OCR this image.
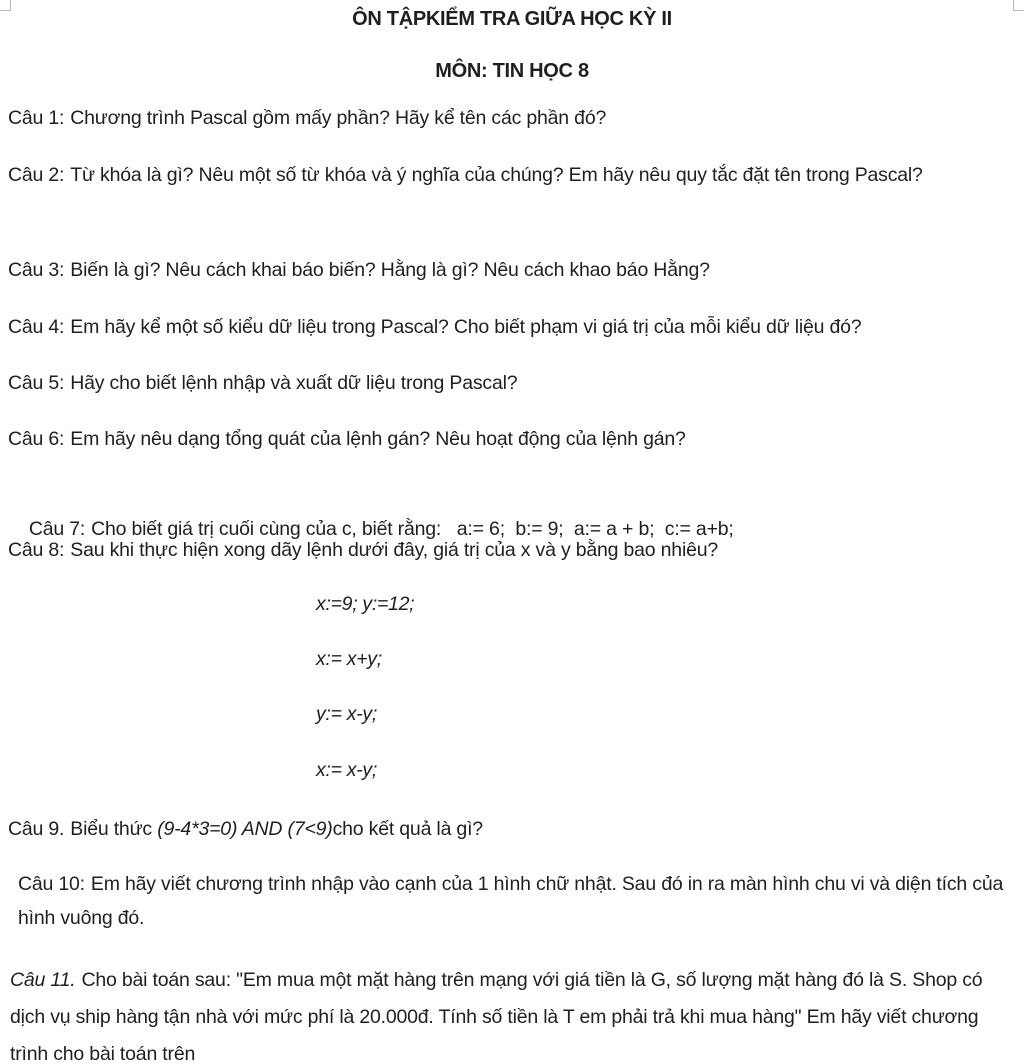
ÔN TẬPKIỂM TRA GIỮA HỌC KỲ II
MÔN: TIN HỌC 8
Câu 1: Chương trình Pascal gồm mấy phần? Hãy kể tên các phần đó?
Câu 2: Từ khóa là gì? Nêu một số từ khóa và ý nghĩa của chúng? Em hãy nêu quy tắc đặt tên trong Pascal?
Câu 3: Biến là gì? Nêu cách khai báo biến? Hằng là gì? Nêu cách khao báo Hằng?
Câu 4: Em hãy kể một số kiểu dữ liệu trong Pascal? Cho biết phạm vi giá trị của mỗi kiểu dữ liệu đó?
Câu 5: Hãy cho biết lệnh nhập và xuất dữ liệu trong Pascal?
Câu 6: Em hãy nêu dạng tổng quát của lệnh gán? Nêu hoạt động của lệnh gán?

Câu 7: Cho biết giá trị cuối cùng của c, biết rằng:   a:= 6;  b:= 9;  a:= a + b;  c:= a+b;

Câu 8: Sau khi thực hiện xong dãy lệnh dưới đây, giá trị của x và y bằng bao nhiêu?
x:=9; y:=12;
x:= x+y;
y:= x-y;
x:= x-y;
Câu 9. Biểu thức (9-4*3=0) AND (7<9)cho kết quả là gì?
Câu 10: Em hãy viết chương trình nhập vào cạnh của 1 hình chữ nhật. Sau đó in ra màn hình chu vi và diện tích của hình vuông đó.
Câu 11. Cho bài toán sau: "Em mua một mặt hàng trên mạng với giá tiền là G, số lượng mặt hàng đó là S. Shop có dịch vụ ship hàng tận nhà với mức phí là 20.000đ. Tính số tiền là T em phải trả khi mua hàng" Em hãy viết chương trình cho bài toán trên
